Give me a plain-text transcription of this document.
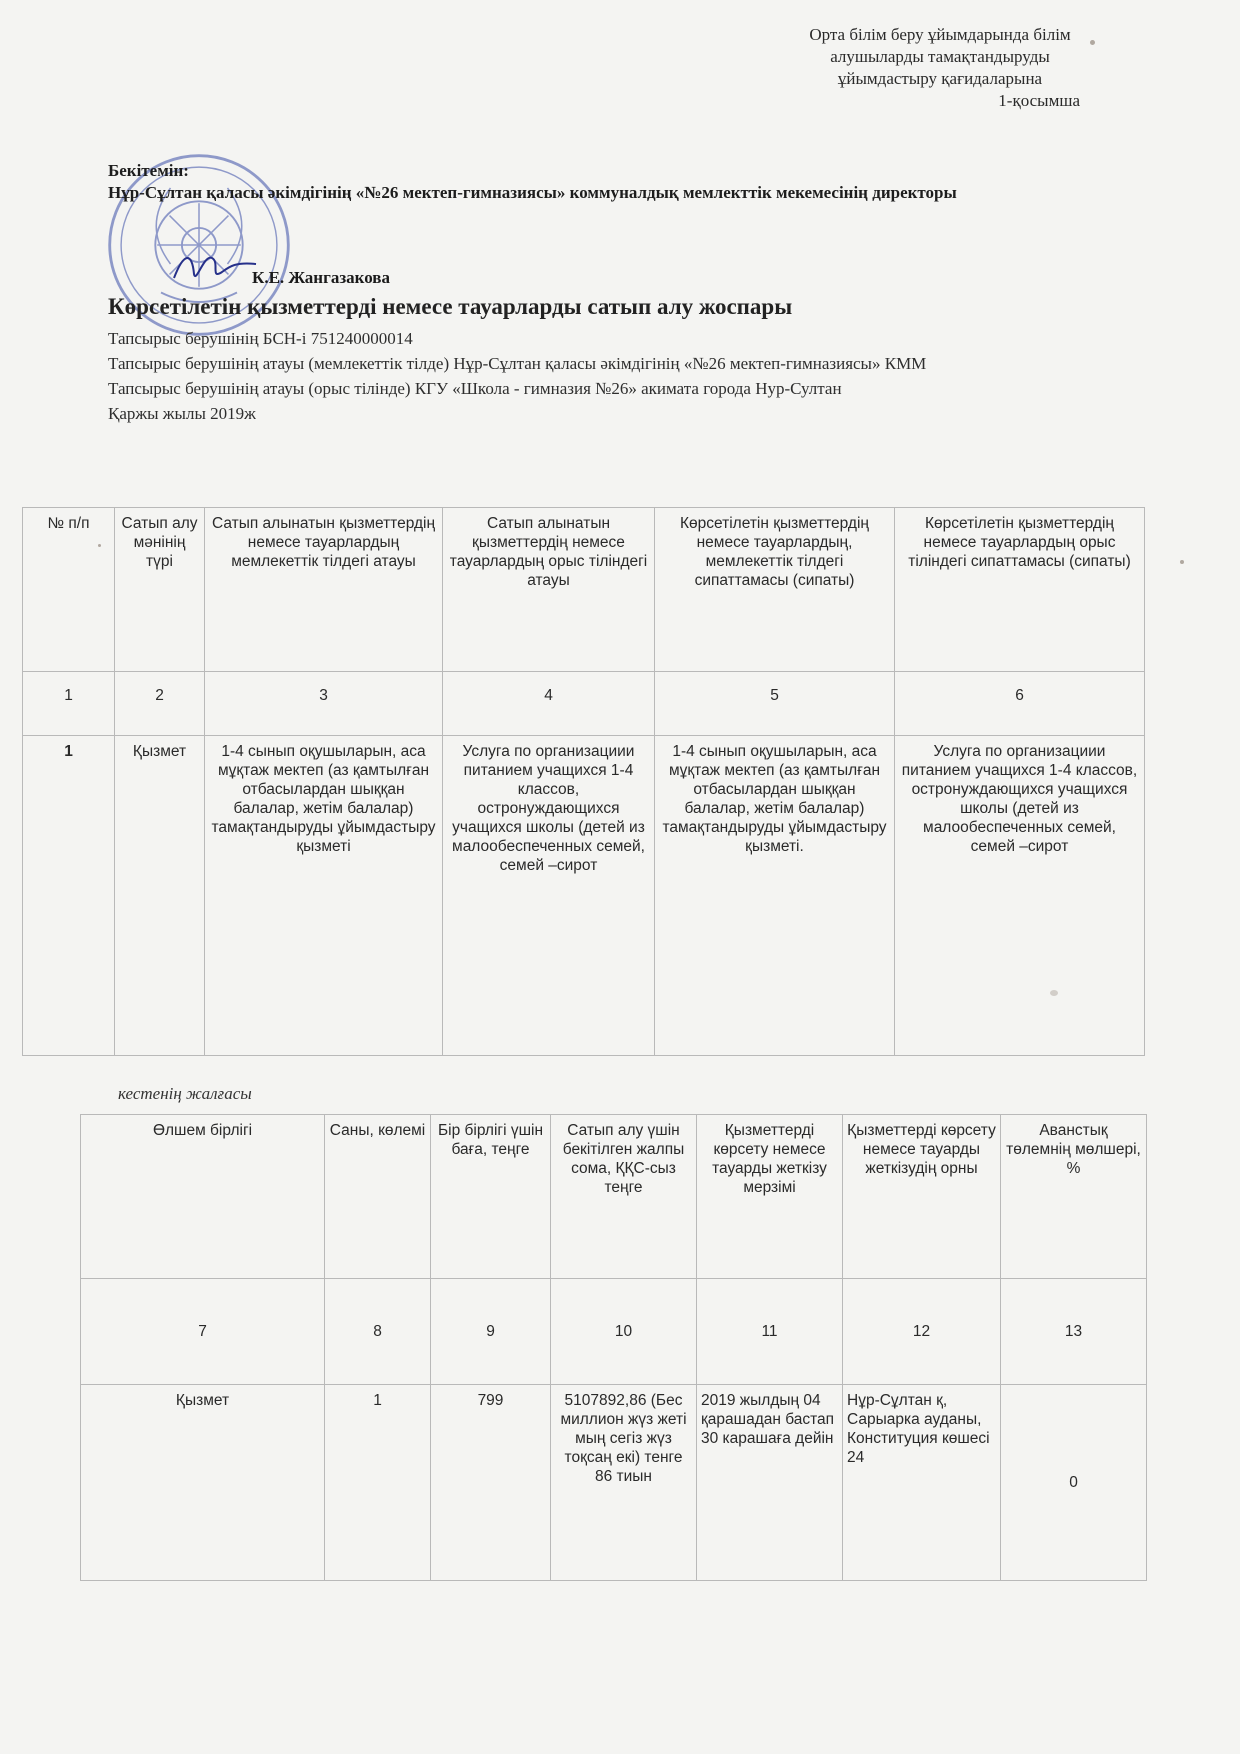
Орта білім беру ұйымдарында білім
алушыларды тамақтандыруды
ұйымдастыру қағидаларына
1-қосымша
Бекітемін:
Нұр-Сұлтан қаласы әкімдігінің «№26 мектеп-гимназиясы» коммуналдық мемлекттік мекемесінің директоры
К.Е. Жангазакова
Көрсетілетін қызметтерді немесе тауарларды сатып алу жоспары
Тапсырыс берушінің БСН-і 751240000014
Тапсырыс берушінің атауы (мемлекеттік тілде) Нұр-Сұлтан қаласы әкімдігінің «№26 мектеп-гимназиясы» КММ
Тапсырыс берушінің атауы (орыс тілінде) КГУ «Школа - гимназия №26» акимата города Нур-Султан
Қаржы жылы 2019ж
№ п/п	Сатып алу мәнінің түрі	Сатып алынатын қызметтердің немесе тауарлардың мемлекеттік тілдегі атауы	Сатып алынатын қызметтердің немесе тауарлардың орыс тіліндегі атауы	Көрсетілетін қызметтердің немесе тауарлардың, мемлекеттік тілдегі сипаттамасы (сипаты)	Көрсетілетін қызметтердің немесе тауарлардың орыс тіліндегі сипаттамасы (сипаты)
1	2	3	4	5	6
1	Қызмет	1-4 сынып оқушыларын, аса мұқтаж мектеп (аз қамтылған отбасылардан шыққан балалар, жетім балалар) тамақтандыруды ұйымдастыру қызметі	Услуга по организациии питанием учащихся 1-4 классов, остронуждающихся учащихся школы (детей из малообеспеченных семей, семей –сирот	1-4 сынып оқушыларын, аса мұқтаж мектеп (аз қамтылған отбасылардан шыққан балалар, жетім балалар) тамақтандыруды ұйымдастыру қызметі.	Услуга по организациии питанием учащихся 1-4 классов, остронуждающихся учащихся школы (детей из малообеспеченных семей, семей –сирот
кестенің жалғасы
Өлшем бірлігі	Саны, көлемі	Бір бірлігі үшін баға, теңге	Сатып алу үшін бекітілген жалпы сома, ҚҚС-сыз теңге	Қызметтерді көрсету немесе тауарды жеткізу мерзімі	Қызметтерді көрсету немесе тауарды жеткізудің орны	Аванстық төлемнің мөлшері, %
7	8	9	10	11	12	13
Қызмет	1	799	5107892,86 (Бес миллион жүз жеті мың сегіз жүз тоқсаң екі) тенге 86 тиын	2019 жылдың 04 қарашадан бастап 30 карашаға дейін	Нұр-Сұлтан қ, Сарыарка ауданы, Конституция көшесі 24	0
